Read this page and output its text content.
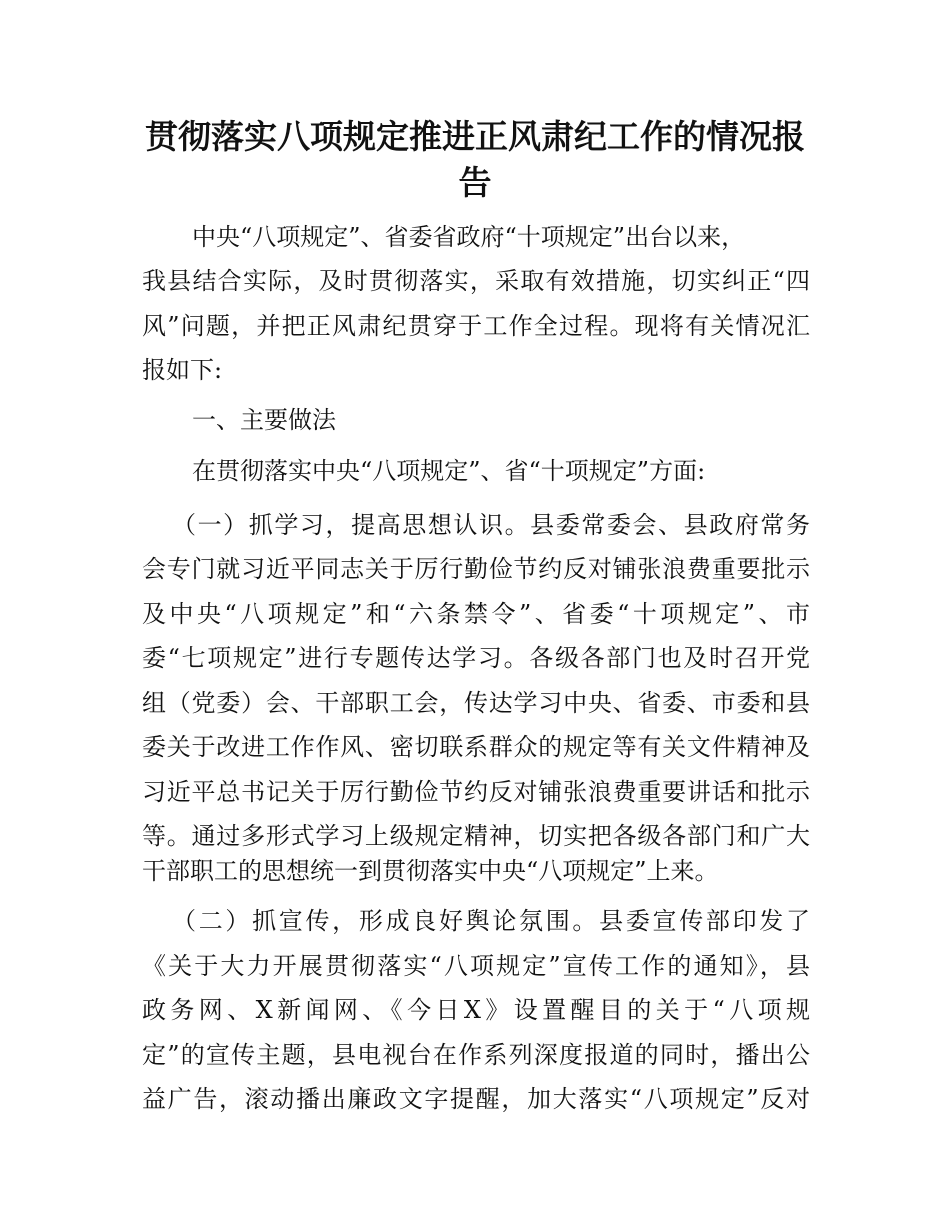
贯彻落实八项规定推进正风肃纪工作的情况报
告
中央“八项规定”、省委省政府“十项规定”出台以来，
我县结合实际，及时贯彻落实，采取有效措施，切实纠正“四
风”问题，并把正风肃纪贯穿于工作全过程。现将有关情况汇
报如下:
一、主要做法
在贯彻落实中央“八项规定”、省“十项规定”方面:
（一）抓学习，提高思想认识。县委常委会、县政府常务
会专门就习近平同志关于厉行勤俭节约反对铺张浪费重要批示
及中央“八项规定”和“六条禁令”、省委“十项规定”、市
委“七项规定”进行专题传达学习。各级各部门也及时召开党
组（党委）会、干部职工会，传达学习中央、省委、市委和县
委关于改进工作作风、密切联系群众的规定等有关文件精神及
习近平总书记关于厉行勤俭节约反对铺张浪费重要讲话和批示
等。通过多形式学习上级规定精神，切实把各级各部门和广大
干部职工的思想统一到贯彻落实中央“八项规定”上来。
（二）抓宣传，形成良好舆论氛围。县委宣传部印发了
《关于大力开展贯彻落实“八项规定”宣传工作的通知》，县
政务网、X新闻网、《今日X》设置醒目的关于“八项规
定”的宣传主题，县电视台在作系列深度报道的同时，播出公
益广告，滚动播出廉政文字提醒，加大落实“八项规定”反对
